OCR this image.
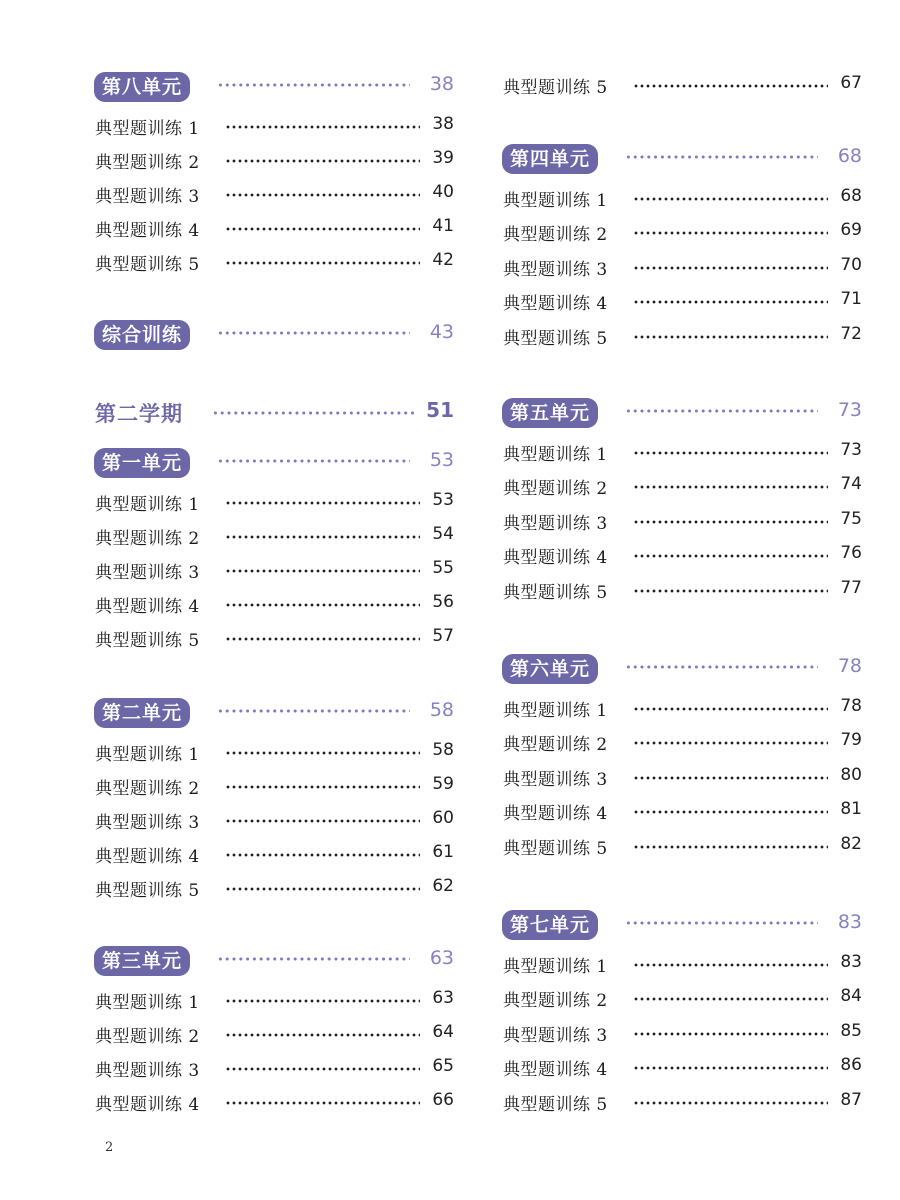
第八单元	38
典型题训练 1	38
典型题训练 2	39
典型题训练 3	40
典型题训练 4	41
典型题训练 5	42
综合训练	43
第二学期	51
第一单元	53
典型题训练 1	53
典型题训练 2	54
典型题训练 3	55
典型题训练 4	56
典型题训练 5	57
第二单元	58
典型题训练 1	58
典型题训练 2	59
典型题训练 3	60
典型题训练 4	61
典型题训练 5	62
第三单元	63
典型题训练 1	63
典型题训练 2	64
典型题训练 3	65
典型题训练 4	66
典型题训练 5	67
第四单元	68
典型题训练 1	68
典型题训练 2	69
典型题训练 3	70
典型题训练 4	71
典型题训练 5	72
第五单元	73
典型题训练 1	73
典型题训练 2	74
典型题训练 3	75
典型题训练 4	76
典型题训练 5	77
第六单元	78
典型题训练 1	78
典型题训练 2	79
典型题训练 3	80
典型题训练 4	81
典型题训练 5	82
第七单元	83
典型题训练 1	83
典型题训练 2	84
典型题训练 3	85
典型题训练 4	86
典型题训练 5	87
2
